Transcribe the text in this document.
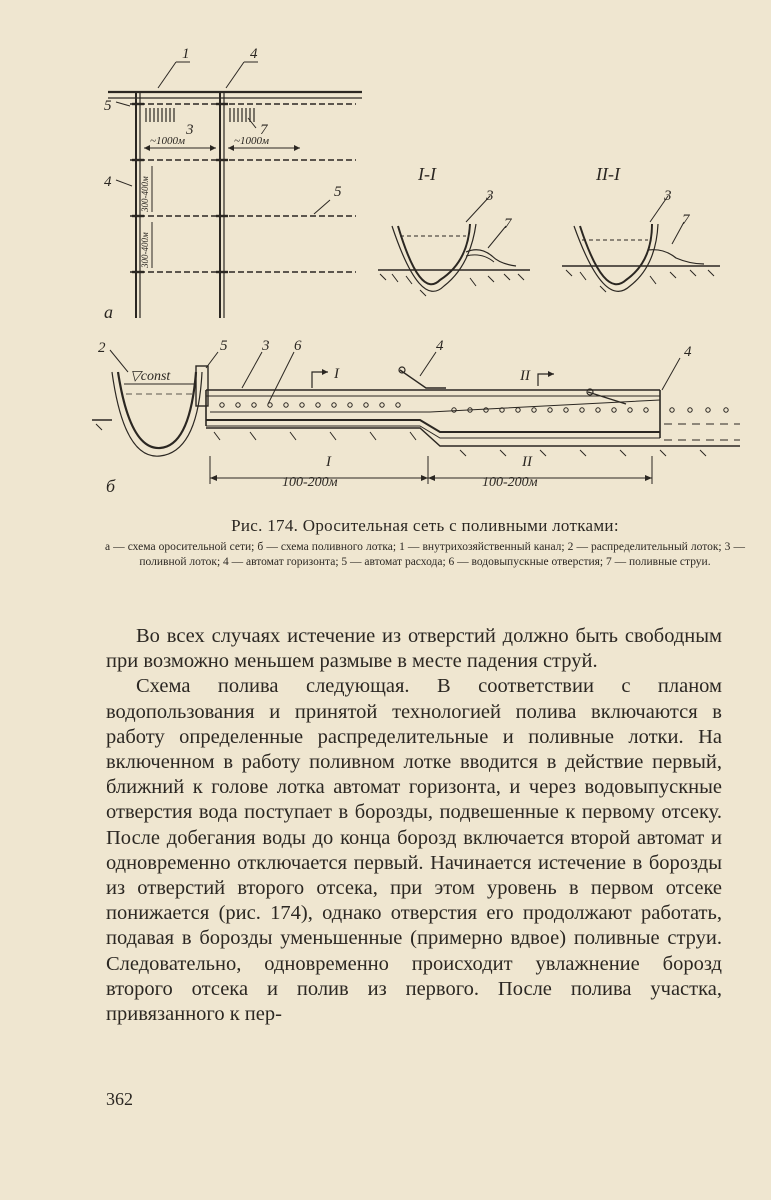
а
б
1	4
5
3	7
~1000м	~1000м
4
5
300-400м
300-400м
I-I
3
7
II-I
3
7
2
▽const
5 3 6
I
4
II
4
I	II
100-200м	100-200м

Рис. 174. Оросительная сеть с поливными лотками:

а — схема оросительной сети; б — схема поливного лотка; 1 — внутрихозяйственный канал; 2 — распределительный лоток; 3 — поливной лоток; 4 — автомат горизонта; 5 — автомат расхода; 6 — водовыпускные отверстия; 7 — поливные струи.

Во всех случаях истечение из отверстий должно быть свободным при возможно меньшем размыве в месте падения струй.

Схема полива следующая. В соответствии с планом водопользования и принятой технологией полива включаются в работу определенные распределительные и поливные лотки. На включенном в работу поливном лотке вводится в действие первый, ближний к голове лотка автомат горизонта, и через водовыпускные отверстия вода поступает в борозды, подвешенные к первому отсеку. После добегания воды до конца борозд включается второй автомат и одновременно отключается первый. Начинается истечение в борозды из отверстий второго отсека, при этом уровень в первом отсеке понижается (рис. 174), однако отверстия его продолжают работать, подавая в борозды уменьшенные (примерно вдвое) поливные струи. Следовательно, одновременно происходит увлажнение борозд второго отсека и полив из первого. После полива участка, привязанного к пер-

362
